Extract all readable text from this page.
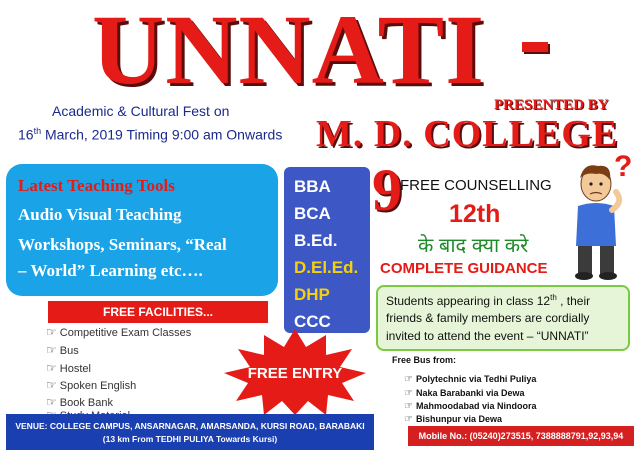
UNNATI PRESENTED BY
M. D. COLLEGE
Academic & Cultural Fest on
16th March, 2019 Timing 9:00 am Onwards
Latest Teaching Tools
Audio Visual Teaching
Workshops, Seminars, “Real
– World” Learning etc….
BBA
BCA
B.Ed.
D.El.Ed.
DHP
CCC
9
FREE COUNSELLING
12th
के बाद क्या करे
COMPLETE GUIDANCE
?
Students appearing in class 12th , their
friends & family members are cordially
invited to attend the event – “UNNATI”
FREE FACILITIES...
☞ Competitive Exam Classes
☞ Bus
☞ Hostel
☞ Spoken English
☞ Book Bank
FREE ENTRY
Free Bus from:
☞ Polytechnic via Tedhi Puliya
☞ Naka Barabanki via Dewa
☞ Mahmoodabad via Nindoora
☞ Bishunpur via Dewa
VENUE: COLLEGE CAMPUS, ANSARNAGAR, AMARSANDA, KURSI ROAD, BARABAKI
(13 km From TEDHI PULIYA Towards Kursi)	Mobile No.: (05240)273515, 7388888791,92,93,94
